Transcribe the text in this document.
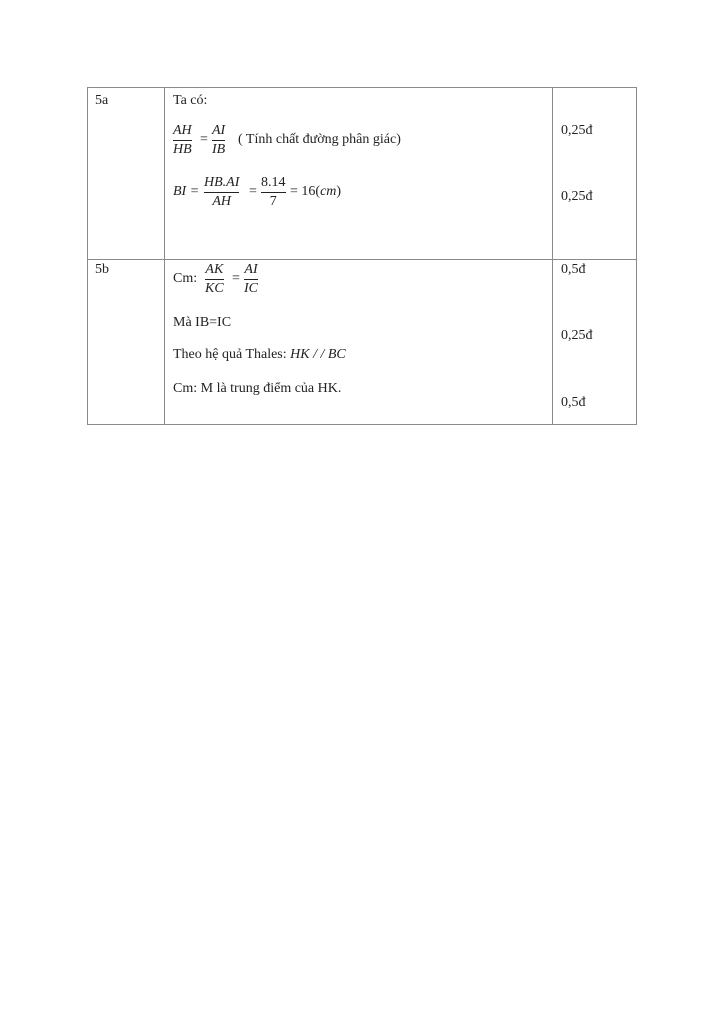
5a	Ta có:
AH
HB
=
AI
IB
( Tính chất đường phân giác)
BI =
HB.AI
AH
=
8.14
7
= 16(cm)
0,25đ
0,25đ
5b
Cm:
AK
KC
=
AI
IC
Mà IB=IC
Theo hệ quả Thales: HK / / BC
Cm: M là trung điểm của HK.
0,5đ
0,25đ
0,5đ
